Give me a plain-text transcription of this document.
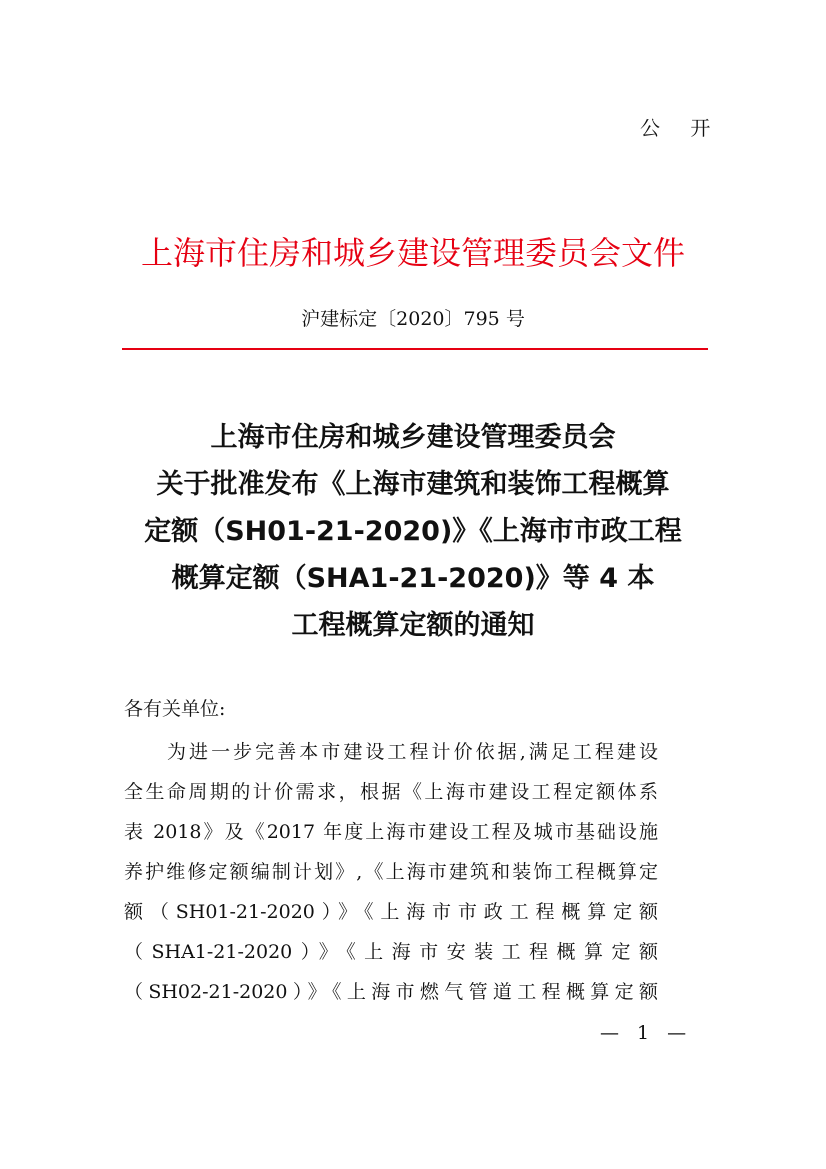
公 开
上海市住房和城乡建设管理委员会文件
沪建标定〔2020〕795 号
上海市住房和城乡建设管理委员会
关于批准发布《上海市建筑和装饰工程概算
定额（SH01-21-2020)》《上海市市政工程
概算定额（SHA1-21-2020)》等 4 本
工程概算定额的通知
各有关单位:
为进一步完善本市建设工程计价依据,满足工程建设
全生命周期的计价需求，根据《上海市建设工程定额体系
表 2018》及《2017 年度上海市建设工程及城市基础设施
养护维修定额编制计划》,《上海市建筑和装饰工程概算定
额（SH01-21-2020）》《上海市市政工程概算定额
（SHA1-21-2020）》《上海市安装工程概算定额
（SH02-21-2020）》《上海市燃气管道工程概算定额
— 1 —
